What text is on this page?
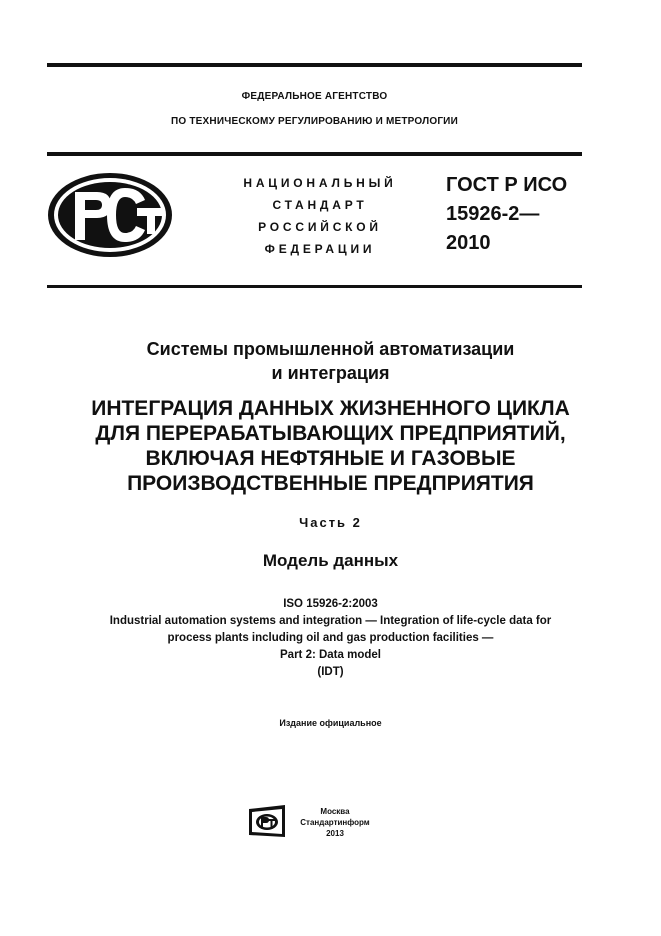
ФЕДЕРАЛЬНОЕ АГЕНТСТВО
ПО ТЕХНИЧЕСКОМУ РЕГУЛИРОВАНИЮ И МЕТРОЛОГИИ
НАЦИОНАЛЬНЫЙ
СТАНДАРТ
РОССИЙСКОЙ
ФЕДЕРАЦИИ
ГОСТ Р ИСО
15926-2—
2010
Системы промышленной автоматизации
и интеграция
ИНТЕГРАЦИЯ ДАННЫХ ЖИЗНЕННОГО ЦИКЛА
ДЛЯ ПЕРЕРАБАТЫВАЮЩИХ ПРЕДПРИЯТИЙ,
ВКЛЮЧАЯ НЕФТЯНЫЕ И ГАЗОВЫЕ
ПРОИЗВОДСТВЕННЫЕ ПРЕДПРИЯТИЯ
Часть 2
Модель данных
ISO 15926-2:2003
Industrial automation systems and integration — Integration of life-cycle data for
process plants including oil and gas production facilities —
Part 2: Data model
(IDT)
Издание официальное
Москва
Стандартинформ
2013
